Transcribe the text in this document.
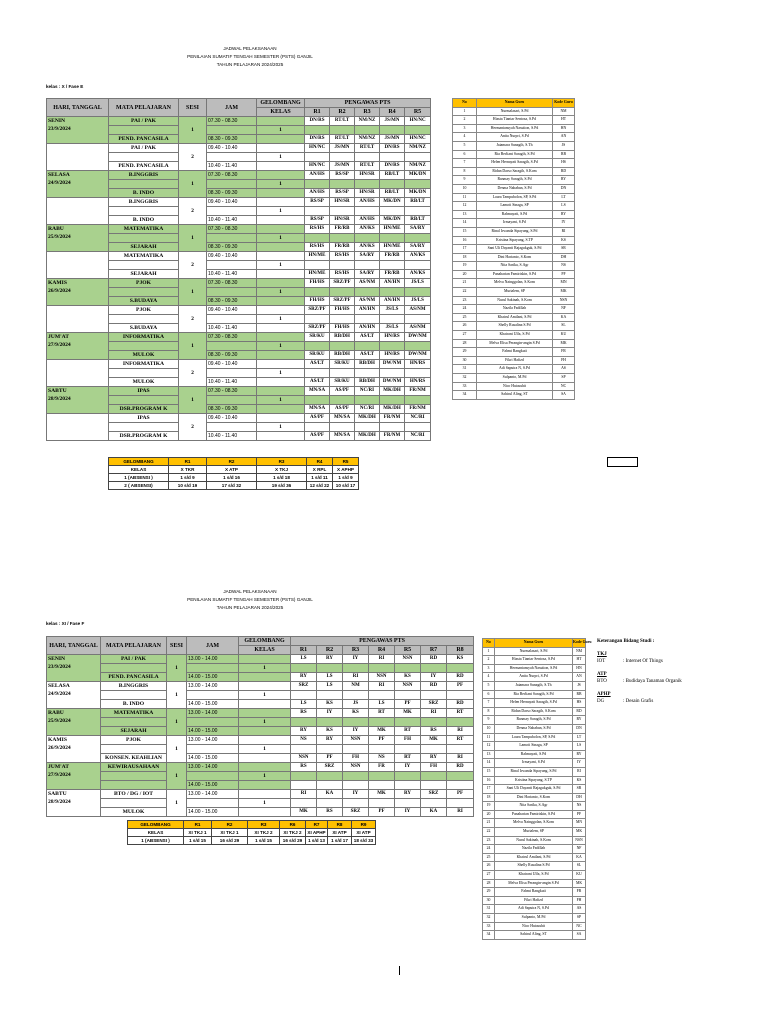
JADWAL PELAKSANAAN
PENILAIAN SUMATIF TENGAH SEMESTER (PSTS) GANJIL
TAHUN PELAJARAN 2024/2025
kelas : X / Fase E
HARI, TANGGAL	MATA PELAJARAN	SESI	JAM	GELOMBANG	PENGAWAS PTS				
				KELAS	R1	R2	R3	R4	R5
SENIN
23/9/2024	PAI / PAK	1	07.30 - 08.30		DN/RS	RT/LT	NM/NZ	JS/MN	HN/NC
				1					
	PEND. PANCASILA		08.30 - 09.30		DN/RS	RT/LT	NM/NZ	JS/MN	HN/NC
	PAI / PAK	2	09.40 - 10.40		HN/NC	JS/MN	RT/LT	DN/RS	NM/NZ
				1					
	PEND. PANCASILA		10.40 - 11.40		HN/NC	JS/MN	RT/LT	DN/RS	NM/NZ
SELASA
24/9/2024	B.INGGRIS	1	07.30 - 08.30		AN/HS	RS/SP	HN/SR	RB/LT	MK/DN
				1					
	B. INDO		08.30 - 09.30		AN/HS	RS/SP	HN/SR	RB/LT	MK/DN
	B.INGGRIS	2	09.40 - 10.40		RS/SP	HN/SR	AN/HS	MK/DN	RB/LT
				1					
	B. INDO		10.40 - 11.40		RS/SP	HN/SR	AN/HS	MK/DN	RB/LT
RABU
25/9/2024	MATEMATIKA	1	07.30 - 08.30		RS/HS	FR/RB	AN/KS	HN/ME	SA/RY
				1					
	SEJARAH		08.30 - 09.30		RS/HS	FR/RB	AN/KS	HN/ME	SA/RY
	MATEMATIKA	2	09.40 - 10.40		HN/ME	RS/HS	SA/RY	FR/RB	AN/KS
				1					
	SEJARAH		10.40 - 11.40		HN/ME	RS/HS	SA/RY	FR/RB	AN/KS
KAMIS
26/9/2024	PJOK	1	07.30 - 08.30		FH/HS	SRZ/PF	AS/NM	AN/HN	JS/LS
				1					
	S.BUDAYA		08.30 - 09.30		FH/HS	SRZ/PF	AS/NM	AN/HN	JS/LS
	PJOK	2	09.40 - 10.40		SRZ/PF	FH/HS	AN/HN	JS/LS	AS/NM
				1					
	S.BUDAYA		10.40 - 11.40		SRZ/PF	FH/HS	AN/HN	JS/LS	AS/NM
JUM'AT
27/9/2024	INFORMATIKA	1	07.30 - 08.30		SR/KU	RB/DH	AS/LT	HN/RS	DW/NM
				1					
	MULOK		08.30 - 09.30		SR/KU	RB/DH	AS/LT	HN/RS	DW/NM
	INFORMATIKA	2	09.40 - 10.40		AS/LT	SR/KU	RB/DH	DW/NM	HN/RS
				1					
	MULOK		10.40 - 11.40		AS/LT	SR/KU	RB/DH	DW/NM	HN/RS
SABTU
28/9/2024	IPAS	1	07.30 - 08.30		MN/SA	AS/PF	NC/RI	MK/DH	FR/NM
				1					
	DSR.PROGRAM K		08.30 - 09.30		MN/SA	AS/PF	NC/RI	MK/DH	FR/NM
	IPAS	2	09.40 - 10.40		AS/PF	MN/SA	MK/DH	FR/NM	NC/RI
				1					
	DSR.PROGRAM K		10.40 - 11.40		AS/PF	MN/SA	MK/DH	FR/NM	NC/RI
No	Nama Guru	Kode Guru
1	Nurmalasari, S.Pd	NM
2	Hiasta Tiantar Sentosa, S.Pd	HT
3	Hermaniansyah Nasution, S.Pd	HN
4	Anita Nurpri, S.Pd	AN
5	Jaiamara Sunagih, S.Th	JS
6	Ria Berliani Saragih, S.Pd	RB
7	Helen Hernayati Saragih, S.Pd	HS
8	Ridan Darso Saragih, S.Kom	RD
9	Rusmay Saragih, S.Pd	RY
10	Desma Nababan, S.Pd	DN
11	Laura Tampubolon, SP, S.Pd	LT
12	Lamoti Sinaga, SP	LS
13	Rahmayati, S.Pd	RY
14	Irmayani, S.Pd	IY
15	Rinal Irwanda Sipayung, S.Pd	RI
16	Kristina Sipayung, S.TP	KS
17	Sani Uli Dayanti Rajagukguk, S.Pd	SR
18	Dini Harianto, S.Kom	DH
19	Nita Sarika, S.Agr	NS
20	Panaharian Famiriskin, S.Pd	PF
21	Melva Nainggolan, S.Kom	MN
22	Murialem, SP	MK
23	Nurul Sakinah, S.Kom	NSN
24	Nazila Fadillah	NF
25	Khairul Amilani, S.Pd	KA
26	Shelly Rusalina S.Pd	SL
27	Khairani Ulfa, S.Pd	KU
28	Melva Elisa Perangin-angin S.Pd	MK
29	Fahmi Rangkuti	FR
30	Fikri Hafizd	FH
31	Adi Saputra N, S.Pd	AS
32	Sulpanto, M.Pd	SP
33	Nico Hutasuhit	NC
34	Sahirul Aling, ST	SA
GELOMBANG	R1	R2	R3	R4	R5
KELAS	X TKR	X ATP	X TKJ	X RPL	X APHP
1 (ABSENSI )	1 s/d 9	1 s/d 16	1 s/d 18	1 s/d 11	1 s/d 9
2 ( ABSENSI)	10 s/d 19	17 s/d 32	19 s/d 36	12 s/d 22	10 s/d 17
JADWAL PELAKSANAAN
PENILAIAN SUMATIF TENGAH SEMESTER (PSTS) GANJIL
TAHUN PELAJARAN 2024/2025
kelas : XI / Fase F
HARI, TANGGAL	MATA PELAJARAN	SESI	JAM	GELOMBANG	PENGAWAS PTS						
				KELAS	R1	R2	R3	R4	R5	R7	R8
SENIN
23/9/2024	PAI / PAK	1	13.00 - 14.00		LS	RY	IY	RI	NSN	RD	KS
				1							
	PEND. PANCASILA		14.00 - 15.00		RY	LS	RI	NSN	KS	IY	RD
SELASA
24/9/2024	B.INGGRIS	1	13.00 - 14.00		SRZ	LS	NM	RI	NSN	RD	PF
				1							
	B. INDO		14.00 - 15.00		LS	KS	JS	LS	PF	SRZ	RD
RABU
25/9/2024	MATEMATIKA	1	13.00 - 14.00		RS	IY	KS	RT	MK	RI	RT
				1							
	SEJARAH		14.00 - 15.00		RY	KS	IY	MK	RT	RS	RI
KAMIS
26/9/2024	PJOK	1	13.00 - 14.00		NS	RY	NSN	PF	FH	MK	RT
				1							
	KONSEN. KEAHLIAN		14.00 - 15.00		NSN	PF	FH	NS	RT	RY	RI
JUM'AT
27/9/2024	KEWIRAUSAHAAN	1	13.00 - 14.00		RS	SRZ	NSN	FR	IY	FH	RD
				1							
			14.00 - 15.00								
SABTU
28/9/2024	BTO / DG / IOT	1	13.00 - 14.00		RI	KA	IY	MK	RY	SRZ	PF
				1							
	MULOK		14.00 - 15.00		MK	RS	SRZ	PF	IY	KA	RI
GELOMBANG	R1	R2	R3	R6	R7	R8	R9
KELAS	XI TKJ 1	XI TKJ 1	XI TKJ 2	XI TKJ 2	XI APHP	XI ATP	XI ATP
1 (ABSENSI )	1 s/d 15	16 s/d 29	1 s/d 15	16 s/d 29	1 s/d 13	1 s/d 17	18 s/d 33
No	Nama Guru	Kode Guru
1	Nurmalasari, S.Pd	NM
2	Hiasta Tiantar Sentosa, S.Pd	HT
3	Hermaniansyah Nasution, S.Pd	HN
4	Anita Nurpri, S.Pd	AN
5	Jaiamara Sunagih, S.Th	JS
6	Ria Berliani Saragih, S.Pd	RB
7	Helen Hernayati Saragih, S.Pd	HS
8	Ridan Darso Saragih, S.Kom	RD
9	Rusmay Saragih, S.Pd	RY
10	Desma Nababan, S.Pd	DN
11	Laura Tampubolon, SP, S.Pd	LT
12	Lamoti Sinaga, SP	LS
13	Rahmayati, S.Pd	RY
14	Irmayani, S.Pd	IY
15	Rinal Irwanda Sipayung, S.Pd	RI
16	Kristina Sipayung, S.TP	KS
17	Sani Uli Dayanti Rajagukguk, S.Pd	SR
18	Dini Harianto, S.Kom	DH
19	Nita Sarika, S.Agr	NS
20	Panaharian Famiriskin, S.Pd	PF
21	Melva Nainggolan, S.Kom	MN
22	Murialem, SP	MK
23	Nurul Sakinah, S.Kom	NSN
24	Nazila Fadillah	NF
25	Khairul Amilani, S.Pd	KA
26	Shelly Rusalina S.Pd	SL
27	Khairani Ulfa, S.Pd	KU
28	Melva Elisa Perangin-angin S.Pd	MK
29	Fahmi Rangkuti	FR
30	Fikri Hafizd	FH
31	Adi Saputra N, S.Pd	AS
32	Sulpanto, M.Pd	SP
33	Nico Hutasuhit	NC
34	Sahirul Aling, ST	SA
Keterangan Bidang Studi :
TKJ
IOT	: Internet Of Things
ATP
BTO	: Budidaya Tanaman Organik
APHP
DG	: Desain Grafis
